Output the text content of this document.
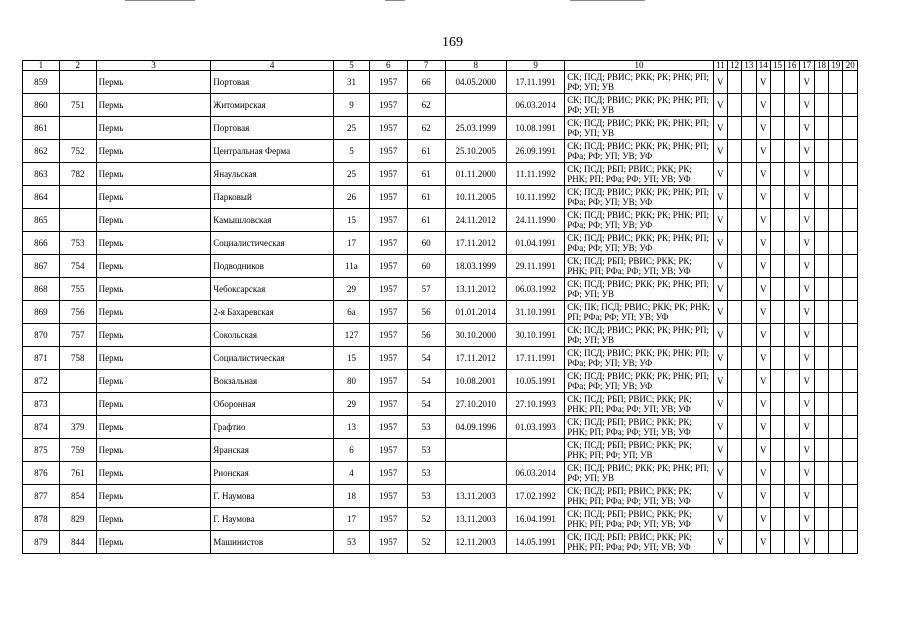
169
1	2	3	4	5	6	7	8	9	10	11	12	13	14	15	16	17	18	19	20
859		Пермь	Портовая	31	1957	66	04.05.2000	17.11.1991	СК; ПСД; РВИС; РКК; РК; РНК; РП; РФ; УП; УВ	V			V			V			
860	751	Пермь	Житомирская	9	1957	62		06.03.2014	СК; ПСД; РВИС; РКК; РК; РНК; РП; РФ; УП; УВ	V			V			V			
861		Пермь	Портовая	25	1957	62	25.03.1999	10.08.1991	СК; ПСД; РВИС; РКК; РК; РНК; РП; РФ; УП; УВ	V			V			V			
862	752	Пермь	Центральная Ферма	5	1957	61	25.10.2005	26.09.1991	СК; ПСД; РВИС; РКК; РК; РНК; РП; РФа; РФ; УП; УВ; УФ	V			V			V			
863	782	Пермь	Янаульская	25	1957	61	01.11.2000	11.11.1992	СК; ПСД; РБП; РВИС; РКК; РК; РНК; РП; РФа; РФ; УП; УВ; УФ	V			V			V			
864		Пермь	Парковый	26	1957	61	10.11.2005	10.11.1992	СК; ПСД; РВИС; РКК; РК; РНК; РП; РФа; РФ; УП; УВ; УФ	V			V			V			
865		Пермь	Камышловская	15	1957	61	24.11.2012	24.11.1990	СК; ПСД; РВИС; РКК; РК; РНК; РП; РФа; РФ; УП; УВ; УФ	V			V			V			
866	753	Пермь	Социалистическая	17	1957	60	17.11.2012	01.04.1991	СК; ПСД; РВИС; РКК; РК; РНК; РП; РФа; РФ; УП; УВ; УФ	V			V			V			
867	754	Пермь	Подводников	11а	1957	60	18.03.1999	29.11.1991	СК; ПСД; РБП; РВИС; РКК; РК; РНК; РП; РФа; РФ; УП; УВ; УФ	V			V			V			
868	755	Пермь	Чебоксарская	29	1957	57	13.11.2012	06.03.1992	СК; ПСД; РВИС; РКК; РК; РНК; РП; РФ; УП; УВ	V			V			V			
869	756	Пермь	2-я Бахаревская	6а	1957	56	01.01.2014	31.10.1991	СК; ПК; ПСД; РВИС; РКК; РК; РНК; РП; РФа; РФ; УП; УВ; УФ	V			V			V			
870	757	Пермь	Сокольская	127	1957	56	30.10.2000	30.10.1991	СК; ПСД; РВИС; РКК; РК; РНК; РП; РФ; УП; УВ	V			V			V			
871	758	Пермь	Социалистическая	15	1957	54	17.11.2012	17.11.1991	СК; ПСД; РВИС; РКК; РК; РНК; РП; РФа; РФ; УП; УВ; УФ	V			V			V			
872		Пермь	Вокзальная	80	1957	54	10.08.2001	10.05.1991	СК; ПСД; РВИС; РКК; РК; РНК; РП; РФа; РФ; УП; УВ; УФ	V			V			V			
873		Пермь	Оборонная	29	1957	54	27.10.2010	27.10.1993	СК; ПСД; РБП; РВИС; РКК; РК; РНК; РП; РФа; РФ; УП; УВ; УФ	V			V			V			
874	379	Пермь	Графтио	13	1957	53	04.09.1996	01.03.1993	СК; ПСД; РБП; РВИС; РКК; РК; РНК; РП; РФа; РФ; УП; УВ; УФ	V			V			V			
875	759	Пермь	Яранская	6	1957	53			СК; ПСД; РБП; РВИС; РКК; РК; РНК; РП; РФ; УП; УВ	V			V			V			
876	761	Пермь	Рионская	4	1957	53		06.03.2014	СК; ПСД; РВИС; РКК; РК; РНК; РП; РФ; УП; УВ	V			V			V			
877	854	Пермь	Г. Наумова	18	1957	53	13.11.2003	17.02.1992	СК; ПСД; РБП; РВИС; РКК; РК; РНК; РП; РФа; РФ; УП; УВ; УФ	V			V			V			
878	829	Пермь	Г. Наумова	17	1957	52	13.11.2003	16.04.1991	СК; ПСД; РБП; РВИС; РКК; РК; РНК; РП; РФа; РФ; УП; УВ; УФ	V			V			V			
879	844	Пермь	Машинистов	53	1957	52	12.11.2003	14.05.1991	СК; ПСД; РБП; РВИС; РКК; РК; РНК; РП; РФа; РФ; УП; УВ; УФ	V			V			V			
